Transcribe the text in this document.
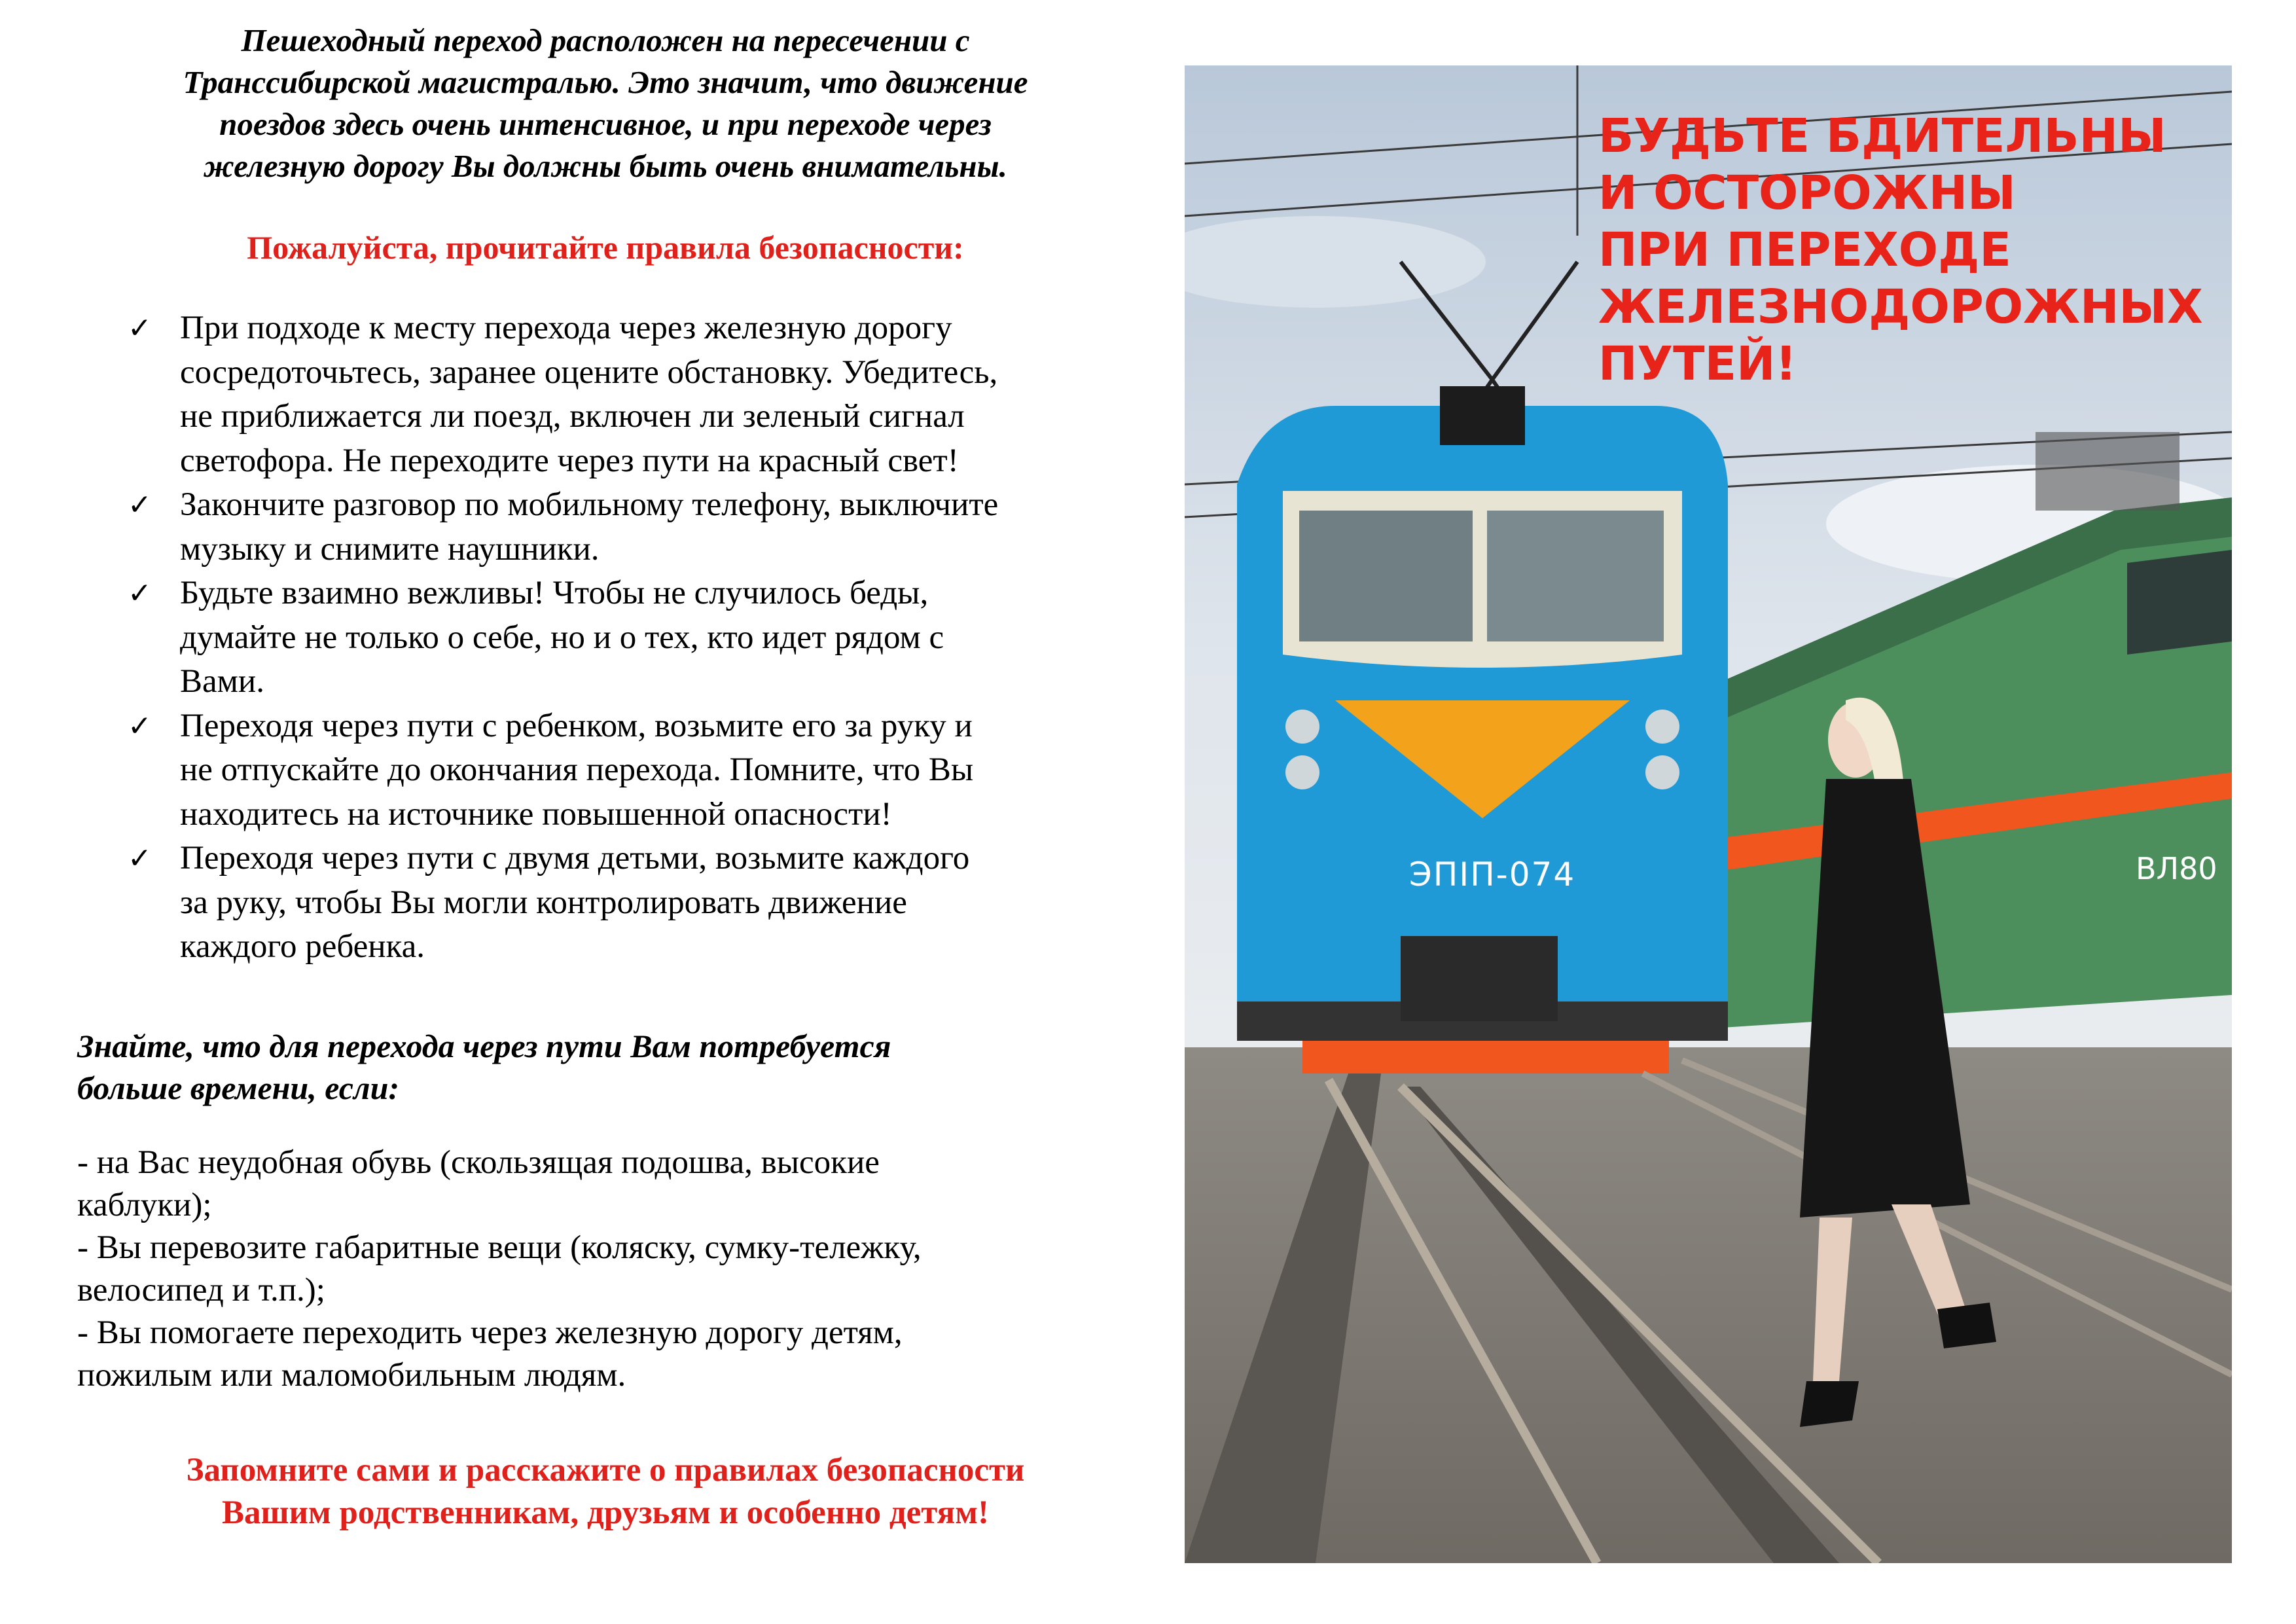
Пешеходный переход расположен на пересечении с
Транссибирской магистралью. Это значит, что движение
поездов здесь очень интенсивное, и при переходе через
железную дорогу Вы должны быть очень внимательны.
Пожалуйста, прочитайте правила безопасности:
✓ При подходе к месту перехода через железную дорогу
сосредоточьтесь, заранее оцените обстановку. Убедитесь,
не приближается ли поезд, включен ли зеленый сигнал
светофора. Не переходите через пути на красный свет!
✓ Закончите разговор по мобильному телефону, выключите
музыку и снимите наушники.
✓ Будьте взаимно вежливы! Чтобы не случилось беды,
думайте не только о себе, но и о тех, кто идет рядом с
Вами.
✓ Переходя через пути с ребенком, возьмите его за руку и
не отпускайте до окончания перехода. Помните, что Вы
находитесь на источнике повышенной опасности!
✓ Переходя через пути с двумя детьми, возьмите каждого
за руку, чтобы Вы могли контролировать движение
каждого ребенка.
Знайте, что для перехода через пути Вам потребуется
больше времени, если:
- на Вас неудобная обувь (скользящая подошва, высокие
каблуки);
- Вы перевозите габаритные вещи (коляску, сумку-тележку,
велосипед и т.п.);
- Вы помогаете переходить через железную дорогу детям,
пожилым или маломобильным людям.
Запомните сами и расскажите о правилах безопасности
Вашим родственникам, друзьям и особенно детям!
БУДЬТЕ БДИТЕЛЬНЫ
И ОСТОРОЖНЫ
ПРИ ПЕРЕХОДЕ
ЖЕЛЕЗНОДОРОЖНЫХ
ПУТЕЙ!
ЭПIП-074	ВЛ80
